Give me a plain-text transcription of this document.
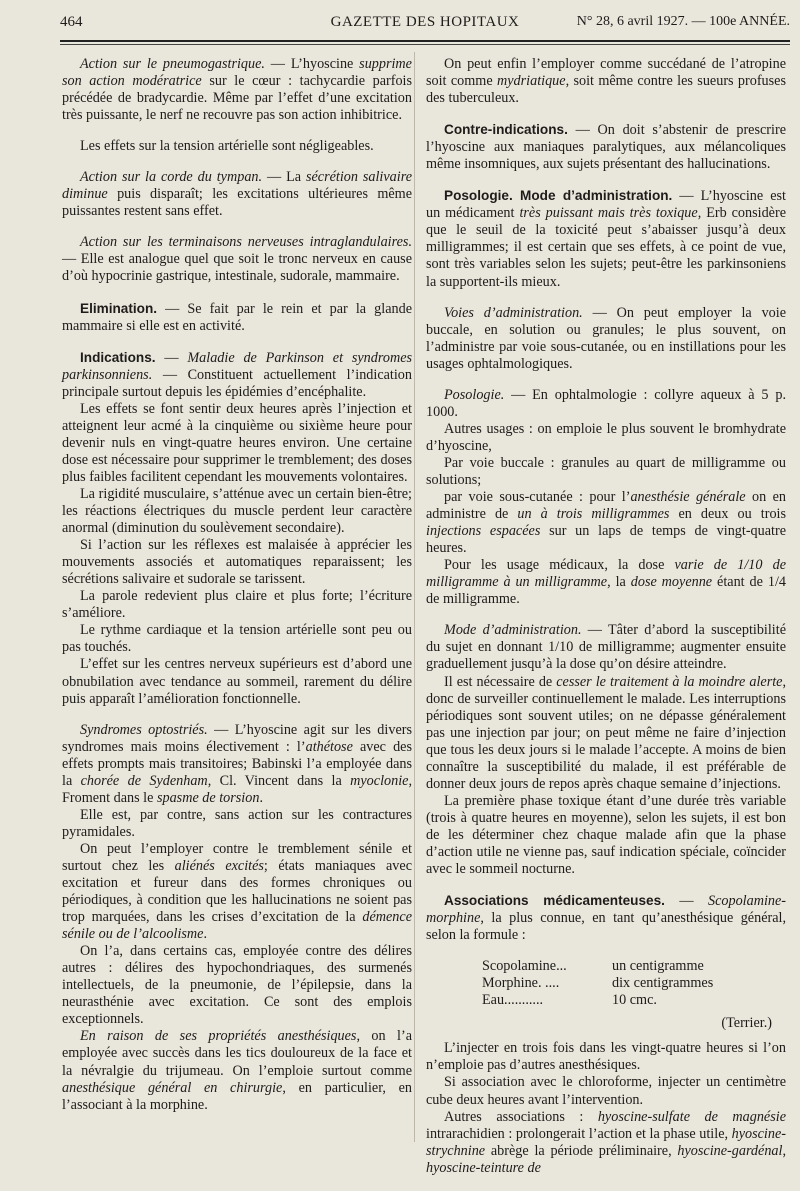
464	GAZETTE DES HOPITAUX	N° 28, 6 avril 1927. — 100e ANNÉE.

Action sur le pneumogastrique. — L’hyoscine supprime son action modératrice sur le cœur : tachycardie parfois précédée de bradycardie. Même par l’effet d’une excitation très puissante, le nerf ne recouvre pas son action inhibitrice.

Les effets sur la tension artérielle sont négligeables.

Action sur la corde du tympan. — La sécrétion salivaire diminue puis disparaît; les excitations ultérieures même puissantes restent sans effet.

Action sur les terminaisons nerveuses intraglandulaires. — Elle est analogue quel que soit le tronc nerveux en cause d’où hypocrinie gastrique, intestinale, sudorale, mammaire.

Elimination. — Se fait par le rein et par la glande mammaire si elle est en activité.

Indications. — Maladie de Parkinson et syndromes parkinsonniens. — Constituent actuellement l’indication principale surtout depuis les épidémies d’encéphalite.

Les effets se font sentir deux heures après l’injection et atteignent leur acmé à la cinquième ou sixième heure pour devenir nuls en vingt-quatre heures environ. Une certaine dose est nécessaire pour supprimer le tremblement; des doses plus faibles facilitent cependant les mouvements volontaires.

La rigidité musculaire, s’atténue avec un certain bien-être; les réactions électriques du muscle perdent leur caractère anormal (diminution du soulèvement secondaire).

Si l’action sur les réflexes est malaisée à apprécier les mouvements associés et automatiques reparaissent; les sécrétions salivaire et sudorale se tarissent.

La parole redevient plus claire et plus forte; l’écriture s’améliore.

Le rythme cardiaque et la tension artérielle sont peu ou pas touchés.

L’effet sur les centres nerveux supérieurs est d’abord une obnubilation avec tendance au sommeil, rarement du délire puis apparaît l’amélioration fonctionnelle.

Syndromes optostriés. — L’hyoscine agit sur les divers syndromes mais moins électivement : l’athétose avec des effets prompts mais transitoires; Babinski l’a employée dans la chorée de Sydenham, Cl. Vincent dans la myoclonie, Froment dans le spasme de torsion.

Elle est, par contre, sans action sur les contractures pyramidales.

On peut l’employer contre le tremblement sénile et surtout chez les aliénés excités; états maniaques avec excitation et fureur dans des formes chroniques ou périodiques, à condition que les hallucinations ne soient pas trop marquées, dans les crises d’excitation de la démence sénile ou de l’alcoolisme.

On l’a, dans certains cas, employée contre des délires autres : délires des hypochondriaques, des surmenés intellectuels, de la pneumonie, de l’épilepsie, dans la neurasthénie avec excitation. Ce sont des emplois exceptionnels.

En raison de ses propriétés anesthésiques, on l’a employée avec succès dans les tics douloureux de la face et la névralgie du trijumeau. On l’emploie surtout comme anesthésique général en chirurgie, en particulier, en l’associant à la morphine.

On peut enfin l’employer comme succédané de l’atropine soit comme mydriatique, soit même contre les sueurs profuses des tuberculeux.

Contre-indications. — On doit s’abstenir de prescrire l’hyoscine aux maniaques paralytiques, aux mélancoliques même insomniques, aux sujets présentant des hallucinations.

Posologie. Mode d’administration. — L’hyoscine est un médicament très puissant mais très toxique, Erb considère que le seuil de la toxicité peut s’abaisser jusqu’à deux milligrammes; il est certain que ses effets, à ce point de vue, sont très variables selon les sujets; peut-être les parkinsoniens la supportent-ils mieux.

Voies d’administration. — On peut employer la voie buccale, en solution ou granules; le plus souvent, on l’administre par voie sous-cutanée, ou en instillations pour les usages ophtalmologiques.

Posologie. — En ophtalmologie : collyre aqueux à 5 p. 1000.

Autres usages : on emploie le plus souvent le bromhydrate d’hyoscine,

Par voie buccale : granules au quart de milligramme ou solutions;

par voie sous-cutanée : pour l’anesthésie générale on en administre de un à trois milligrammes en deux ou trois injections espacées sur un laps de temps de vingt-quatre heures.

Pour les usage médicaux, la dose varie de 1/10 de milligramme à un milligramme, la dose moyenne étant de 1/4 de milligramme.

Mode d’administration. — Tâter d’abord la susceptibilité du sujet en donnant 1/10 de milligramme; augmenter ensuite graduellement jusqu’à la dose qu’on désire atteindre.

Il est nécessaire de cesser le traitement à la moindre alerte, donc de surveiller continuellement le malade. Les interruptions périodiques sont souvent utiles; on ne dépasse généralement pas une injection par jour; on peut même ne faire d’injection que tous les deux jours si le malade l’accepte. A moins de bien connaître la susceptibilité du malade, il est préférable de donner deux jours de repos après chaque semaine d’injections.

La première phase toxique étant d’une durée très variable (trois à quatre heures en moyenne), selon les sujets, il est bon de les déterminer chez chaque malade afin que la phase d’action utile ne vienne pas, sauf indication spéciale, coïncider avec le sommeil nocturne.

Associations médicamenteuses. — Scopolamine-morphine, la plus connue, en tant qu’anesthésique général, selon la formule :

Scopolamine...	un centigramme
Morphine. ....	dix centigrammes
Eau...........	10 cmc.
(Terrier.)

L’injecter en trois fois dans les vingt-quatre heures si l’on n’emploie pas d’autres anesthésiques.

Si association avec le chloroforme, injecter un centimètre cube deux heures avant l’intervention.

Autres associations : hyoscine-sulfate de magnésie intrarachidien : prolongerait l’action et la phase utile, hyoscine-strychnine abrège la période préliminaire, hyoscine-gardénal, hyoscine-teinture de
